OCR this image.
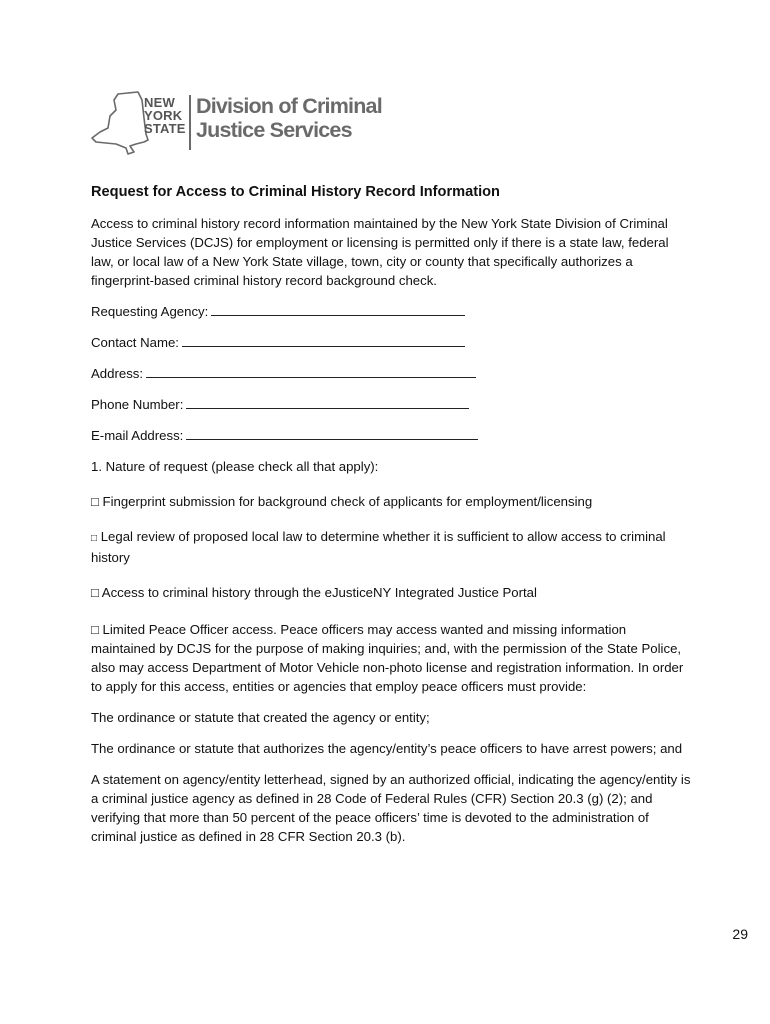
NEW
YORK
STATE
Division of Criminal
Justice Services
Request for Access to Criminal History Record Information
Access to criminal history record information maintained by the New York State Division of Criminal Justice Services (DCJS) for employment or licensing is permitted only if there is a state law, federal law, or local law of a New York State village, town, city or county that specifically authorizes a fingerprint-based criminal history record background check.
Requesting Agency:
Contact Name:
Address:
Phone Number:
E-mail Address:
1. Nature of request (please check all that apply):
□ Fingerprint submission for background check of applicants for employment/licensing
□ Legal review of proposed local law to determine whether it is sufficient to allow access to criminal history
□ Access to criminal history through the eJusticeNY Integrated Justice Portal
□ Limited Peace Officer access. Peace officers may access wanted and missing information maintained by DCJS for the purpose of making inquiries; and, with the permission of the State Police, also may access Department of Motor Vehicle non-photo license and registration information. In order to apply for this access, entities or agencies that employ peace officers must provide:
The ordinance or statute that created the agency or entity;
The ordinance or statute that authorizes the agency/entity’s peace officers to have arrest powers; and
A statement on agency/entity letterhead, signed by an authorized official, indicating the agency/entity is a criminal justice agency as defined in 28 Code of Federal Rules (CFR) Section 20.3 (g) (2); and verifying that more than 50 percent of the peace officers’ time is devoted to the administration of criminal justice as defined in 28 CFR Section 20.3 (b).
29
